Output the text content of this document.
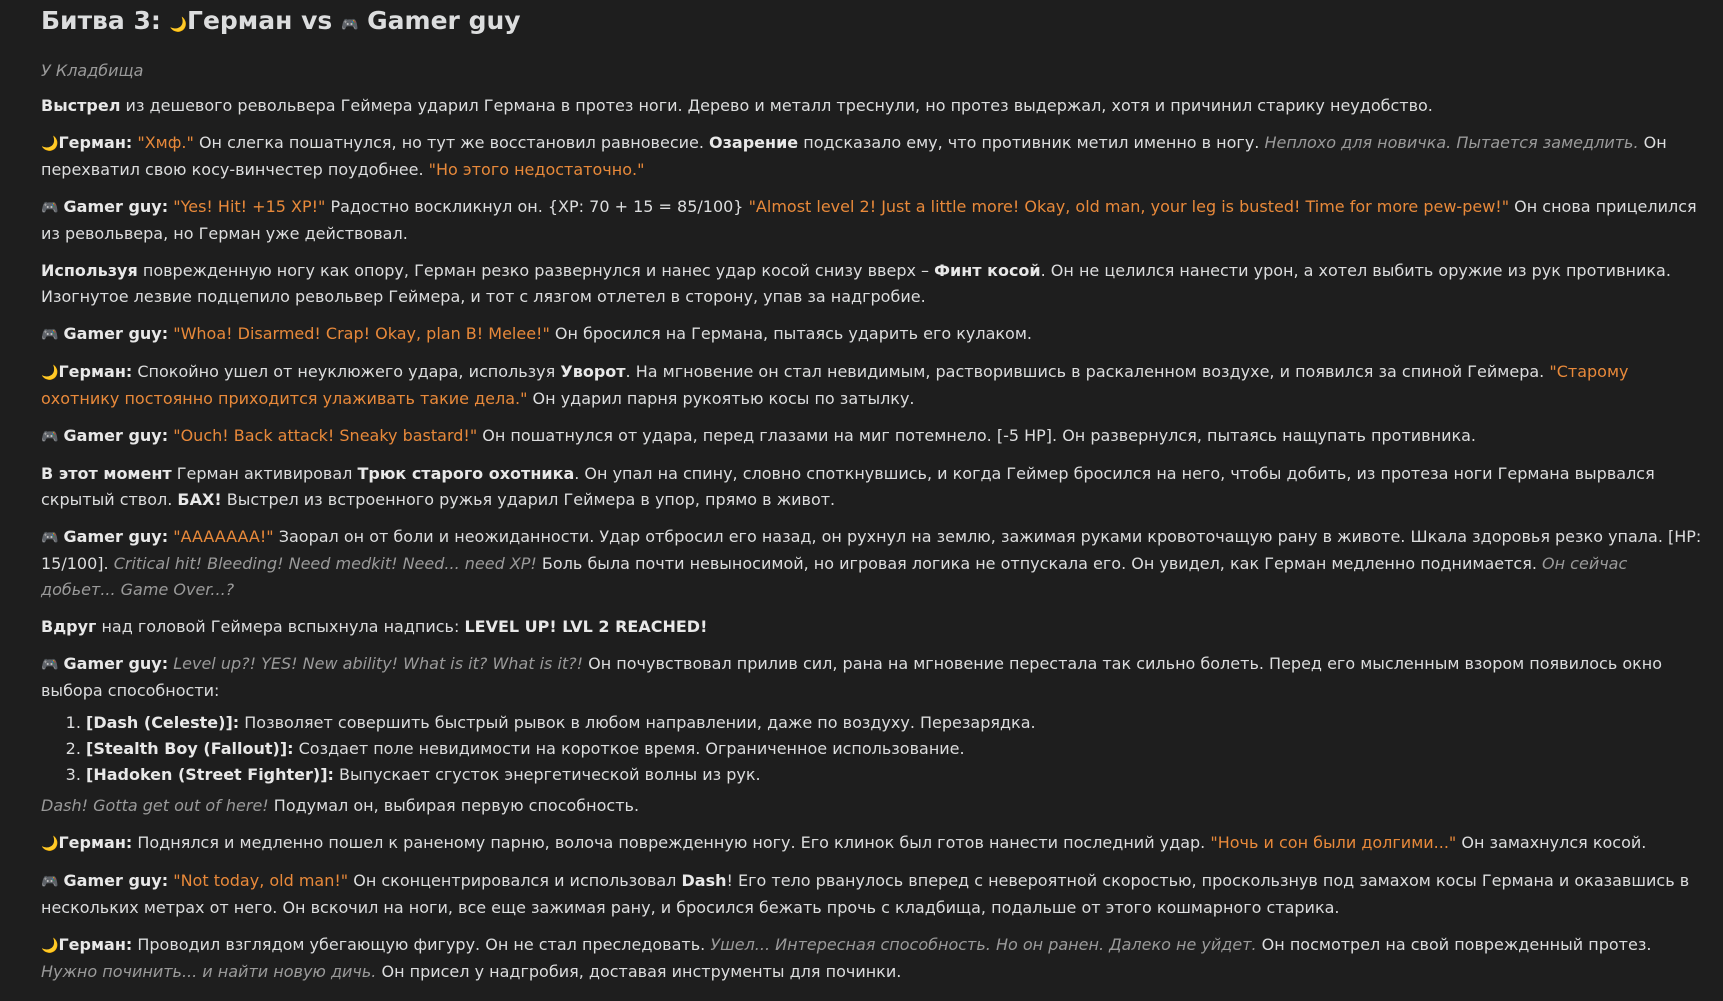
Битва 3: 🌙Герман vs 🎮 Gamer guy

У Кладбища

Выстрел из дешевого револьвера Геймера ударил Германа в протез ноги. Дерево и металл треснули, но протез выдержал, хотя и причинил старику неудобство.

🌙Герман: "Хмф." Он слегка пошатнулся, но тут же восстановил равновесие. Озарение подсказало ему, что противник метил именно в ногу. Неплохо для новичка. Пытается замедлить. Он перехватил свою косу-винчестер поудобнее. "Но этого недостаточно."

🎮 Gamer guy: "Yes! Hit! +15 XP!" Радостно воскликнул он. {XP: 70 + 15 = 85/100} "Almost level 2! Just a little more! Okay, old man, your leg is busted! Time for more pew-pew!" Он снова прицелился из револьвера, но Герман уже действовал.

Используя поврежденную ногу как опору, Герман резко развернулся и нанес удар косой снизу вверх – Финт косой. Он не целился нанести урон, а хотел выбить оружие из рук противника. Изогнутое лезвие подцепило револьвер Геймера, и тот с лязгом отлетел в сторону, упав за надгробие.

🎮 Gamer guy: "Whoa! Disarmed! Crap! Okay, plan B! Melee!" Он бросился на Германа, пытаясь ударить его кулаком.

🌙Герман: Спокойно ушел от неуклюжего удара, используя Уворот. На мгновение он стал невидимым, растворившись в раскаленном воздухе, и появился за спиной Геймера. "Старому охотнику постоянно приходится улаживать такие дела." Он ударил парня рукоятью косы по затылку.

🎮 Gamer guy: "Ouch! Back attack! Sneaky bastard!" Он пошатнулся от удара, перед глазами на миг потемнело. [-5 HP]. Он развернулся, пытаясь нащупать противника.

В этот момент Герман активировал Трюк старого охотника. Он упал на спину, словно споткнувшись, и когда Геймер бросился на него, чтобы добить, из протеза ноги Германа вырвался скрытый ствол. БАХ! Выстрел из встроенного ружья ударил Геймера в упор, прямо в живот.

🎮 Gamer guy: "AAAAAAA!" Заорал он от боли и неожиданности. Удар отбросил его назад, он рухнул на землю, зажимая руками кровоточащую рану в животе. Шкала здоровья резко упала. [HP: 15/100]. Critical hit! Bleeding! Need medkit! Need... need XP! Боль была почти невыносимой, но игровая логика не отпускала его. Он увидел, как Герман медленно поднимается. Он сейчас добьет... Game Over...?

Вдруг над головой Геймера вспыхнула надпись: LEVEL UP! LVL 2 REACHED!

🎮 Gamer guy: Level up?! YES! New ability! What is it? What is it?! Он почувствовал прилив сил, рана на мгновение перестала так сильно болеть. Перед его мысленным взором появилось окно выбора способности:

1. [Dash (Celeste)]: Позволяет совершить быстрый рывок в любом направлении, даже по воздуху. Перезарядка.
2. [Stealth Boy (Fallout)]: Создает поле невидимости на короткое время. Ограниченное использование.
3. [Hadoken (Street Fighter)]: Выпускает сгусток энергетической волны из рук.

Dash! Gotta get out of here! Подумал он, выбирая первую способность.

🌙Герман: Поднялся и медленно пошел к раненому парню, волоча поврежденную ногу. Его клинок был готов нанести последний удар. "Ночь и сон были долгими..." Он замахнулся косой.

🎮 Gamer guy: "Not today, old man!" Он сконцентрировался и использовал Dash! Его тело рванулось вперед с невероятной скоростью, проскользнув под замахом косы Германа и оказавшись в нескольких метрах от него. Он вскочил на ноги, все еще зажимая рану, и бросился бежать прочь с кладбища, подальше от этого кошмарного старика.

🌙Герман: Проводил взглядом убегающую фигуру. Он не стал преследовать. Ушел... Интересная способность. Но он ранен. Далеко не уйдет. Он посмотрел на свой поврежденный протез. Нужно починить... и найти новую дичь. Он присел у надгробия, доставая инструменты для починки.
